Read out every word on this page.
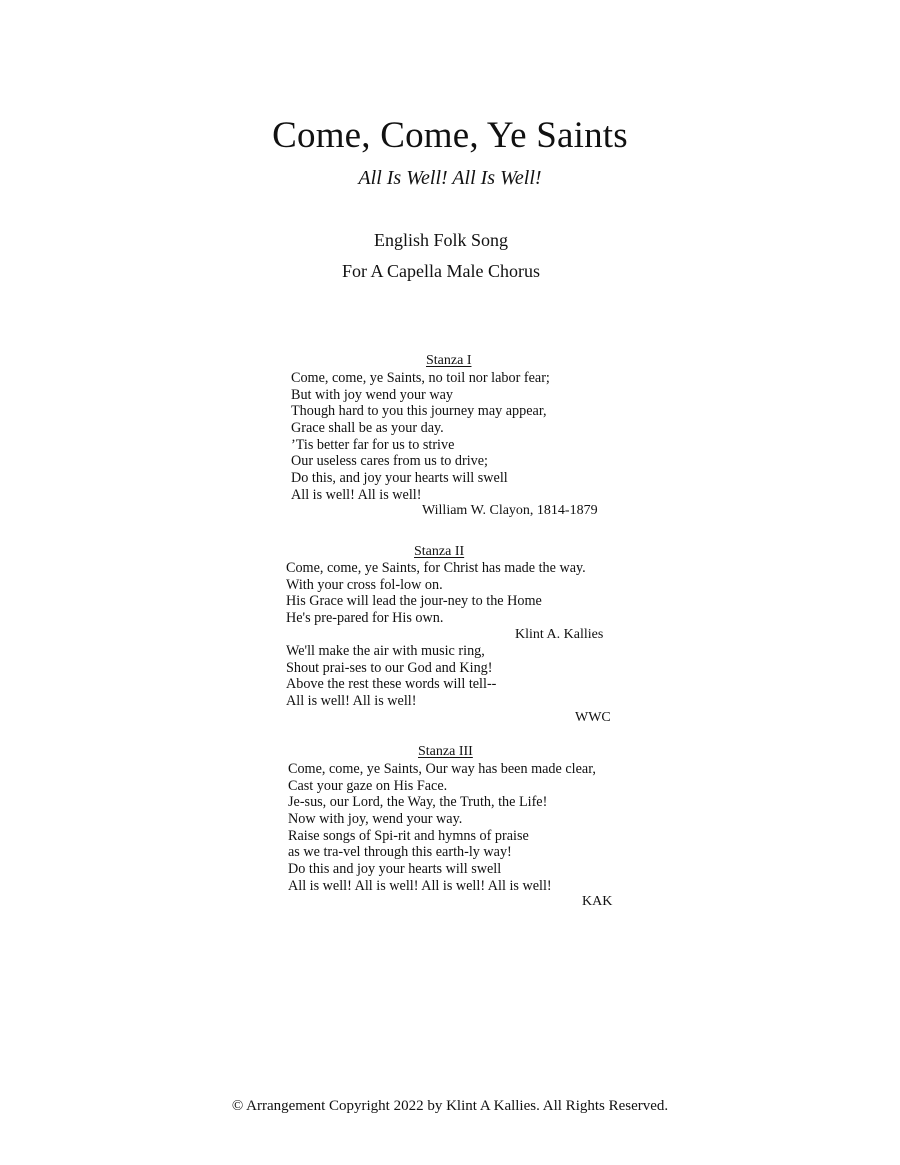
Come, Come, Ye Saints
All Is Well! All Is Well!
English Folk Song
For A Capella Male Chorus
Stanza I
Come, come, ye Saints, no toil nor labor fear;
But with joy wend your way
Though hard to you this journey may appear,
Grace shall be as your day.
’Tis better far for us to strive
Our useless cares from us to drive;
Do this, and joy your hearts will swell
All is well! All is well!
William W. Clayon, 1814-1879
Stanza II
Come, come, ye Saints, for Christ has made the way.
With your cross fol-low on.
His Grace will lead the jour-ney to the Home
He's pre-pared for His own.
Klint A. Kallies
We'll make the air with music ring,
Shout prai-ses to our God and King!
Above the rest these words will tell--
All is well! All is well!
WWC
Stanza III
Come, come, ye Saints, Our way has been made clear,
Cast your gaze on His Face.
Je-sus, our Lord, the Way, the Truth, the Life!
Now with joy, wend your way.
Raise songs of Spi-rit and hymns of praise
as we tra-vel through this earth-ly way!
Do this and joy your hearts will swell
All is well! All is well! All is well! All is well!
KAK
© Arrangement Copyright 2022 by Klint A Kallies. All Rights Reserved.
